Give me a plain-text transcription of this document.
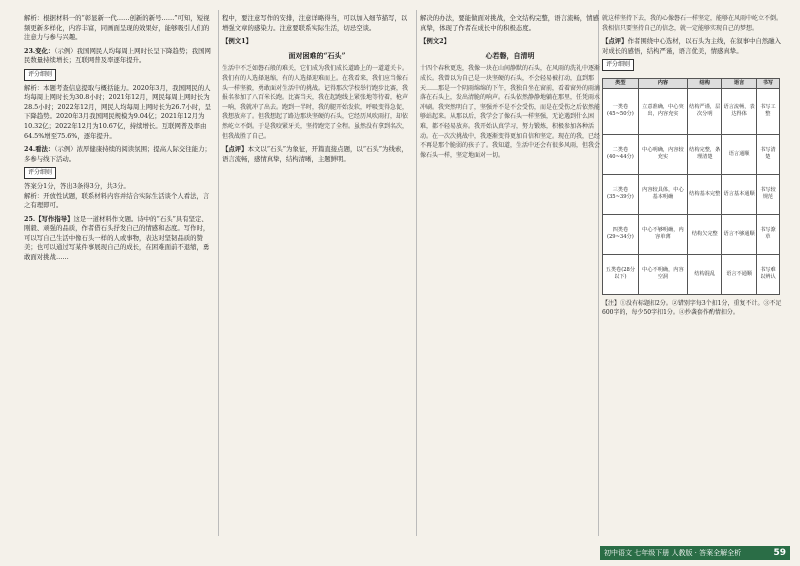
解析：根据材料一的“彰显新一代……创新的新号……”可知，短视频更新多样化，内容丰富，同画面呈现的效果好，能够吸引人们的注意力与参与兴趣。

23.变化：（示例）我国网民人均每周上网时长呈下降趋势；我国网民数量持续增长；互联网普及率逐年提升。

评分细则

解析：本题考查信息提取与概括能力。2020年3月，我国网民的人均每周上网时长为30.8小时；2021年12月，网民每周上网时长为28.5小时；2022年12月，网民人均每周上网时长为26.7小时，呈下降趋势。2020年3月我国网民规模为9.04亿；2021年12月为10.32亿；2022年12月为10.67亿，持续增长。互联网普及率由64.5%增至75.6%，逐年提升。

24.看法：（示例）浓厚健康持续的阅读氛围；提高人际交往能力；多参与线下活动。

评分细则

答案分1分，答出3条得3分，共3分。

解析：开放性试题，联系材料内容并结合实际生活谈个人看法，言之有理即可。

25.【写作指导】这是一道材料作文题。诗中的“石头”具有坚定、刚毅、顽强的品质，作者借石头抒发自己的情感和态度。写作时，可以写自己生活中像石头一样的人或事物，表达对坚韧品质的赞美；也可以通过写某件事展现自己的成长，在困难面前不退缩，勇敢面对挑战……

程中，要注意写作的安排，注意详略得当，可以加入细节描写，以增强文章的感染力。注意要联系实际生活，切忌空谈。

【例文1】

面对困难的“石头”

生活中不乏如磐石般的难关，它们成为我们成长道路上的一道道关卡。我们有的人选择退缩，有的人选择迎难而上。在我看来，我们应当像石头一样坚毅，勇敢面对生活中的挑战。记得那次学校举行跑步比赛，我报名参加了八百米长跑。比赛当天，我在起跑线上紧张地等待着，枪声一响，我就冲了出去。跑到一半时，我的腿开始发软，呼吸变得急促，我想放弃了。但我想起了路边那块坚硬的石头，它经历风吹雨打，却依然屹立不倒。于是我咬紧牙关，坚持跑完了全程。虽然没有拿到名次，但我战胜了自己。

【点评】本文以“石头”为象征，开篇直接点题，以“石头”为线索，语言流畅，感情真挚，结构清晰，主题鲜明。

解决的办法，要能做面对挑战，全文结构完整，语言流畅，情感真挚，体现了作者在成长中的积极态度。

【例文2】

心若磐，自清明

十四个春秋更迭，我像一块在山间静默的石头，在风雨的洗礼中逐渐成长。我曾以为自己是一块坚硬的石头，不会轻易被打动，直到那天……那是一个阴雨绵绵的下午，我独自坐在窗前，看着窗外的雨滴落在石头上，发出清脆的响声。石头依然静静地躺在那里，任凭雨水冲刷。我突然明白了，坚强并不是不会受伤，而是在受伤之后依然能够站起来。从那以后，我学会了像石头一样坚强，无论遇到什么困难，都不轻易放弃。我开始认真学习，努力锻炼，积极参加各种活动。在一次次挑战中，我逐渐变得更加自信和坚定。现在的我，已经不再是那个脆弱的孩子了。我知道，生活中还会有很多风雨，但我会像石头一样，坚定地面对一切。

就这样坚持下去，我的心像磐石一样坚定，能够在风雨中屹立不倒。我相信只要坚持自己的信念，就一定能够实现自己的梦想。

【点评】作者围绕中心选材，以石头为主线，在叙事中自然融入对成长的感悟，结构严谨，语言优美，情感真挚。

评分细则
类型	内容	结构	语言	书写
一类卷(45~50分)	立意准确，中心突出，内容充实	结构严谨，层次分明	语言流畅，表达得体	书写工整
二类卷(40~44分)	中心明确，内容较充实	结构完整，条理清楚	语言通顺	书写清楚
三类卷(35~39分)	内容较具体，中心基本明确	结构基本完整	语言基本通顺	书写较规范
四类卷(29~34分)	中心不够明确，内容单薄	结构欠完整	语言不够通顺	书写潦草
五类卷(28分以下)	中心不明确，内容空洞	结构混乱	语言不通顺	书写难以辨认

【注】①没有标题扣2分。②错别字每3个扣1分，重复不计。③不足600字的，每少50字扣1分。④抄袭套作酌情扣分。

初中语文 七年级下册 人教版 · 答案全解全析	59
